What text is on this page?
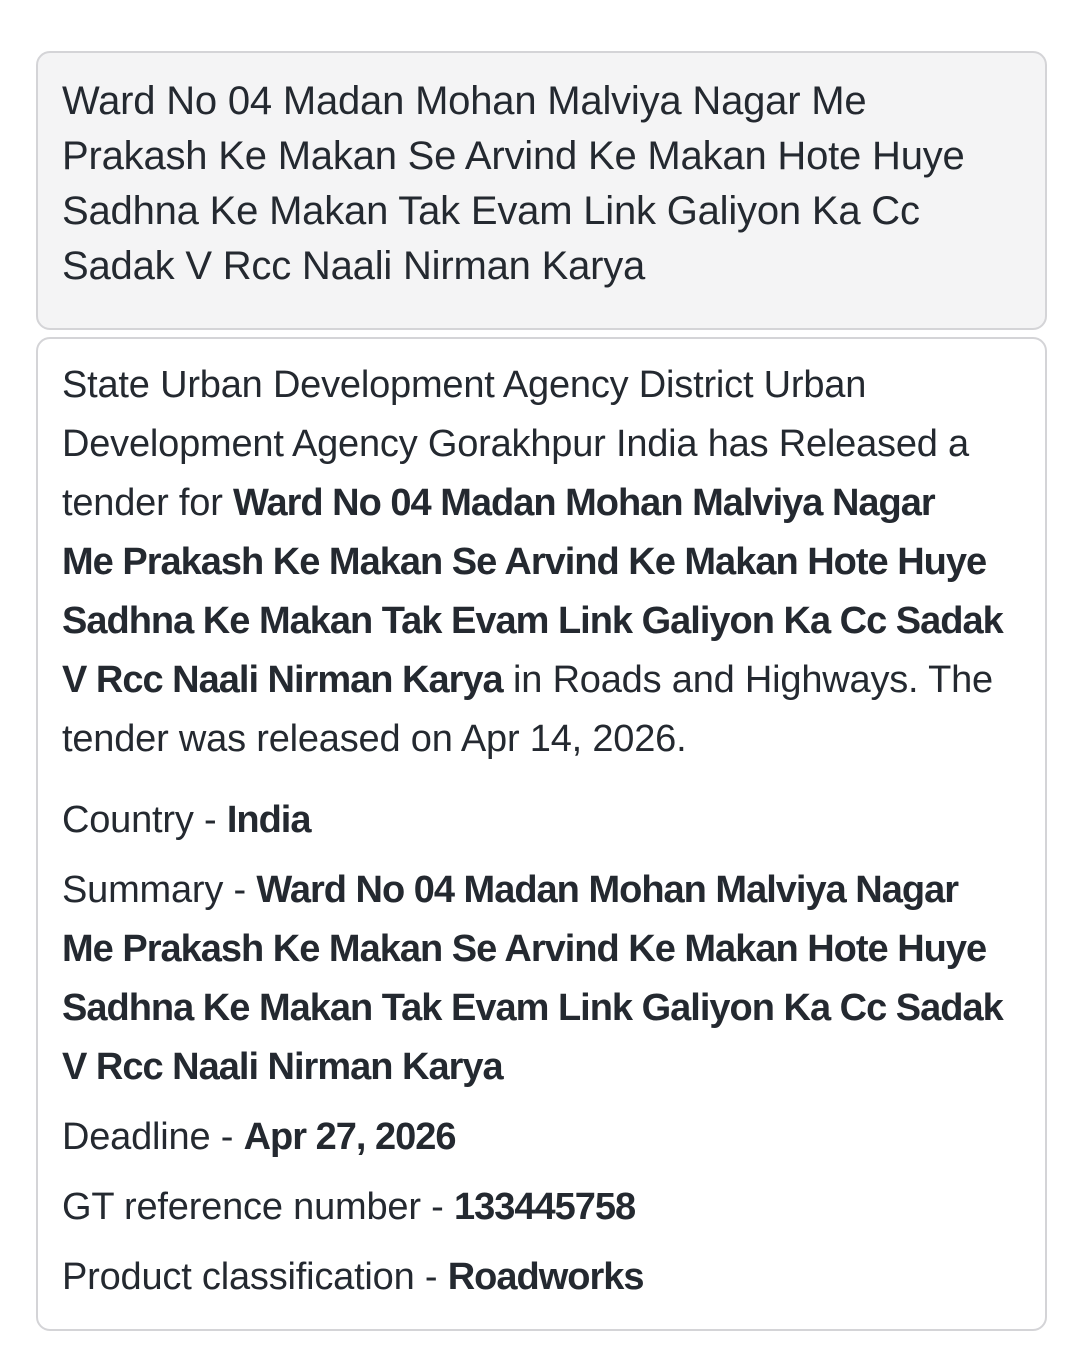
Ward No 04 Madan Mohan Malviya Nagar Me
Prakash Ke Makan Se Arvind Ke Makan Hote Huye
Sadhna Ke Makan Tak Evam Link Galiyon Ka Cc
Sadak V Rcc Naali Nirman Karya
State Urban Development Agency District Urban
Development Agency Gorakhpur India has Released a
tender for Ward No 04 Madan Mohan Malviya Nagar
Me Prakash Ke Makan Se Arvind Ke Makan Hote Huye
Sadhna Ke Makan Tak Evam Link Galiyon Ka Cc Sadak
V Rcc Naali Nirman Karya in Roads and Highways. The
tender was released on Apr 14, 2026.
Country - India
Summary - Ward No 04 Madan Mohan Malviya Nagar
Me Prakash Ke Makan Se Arvind Ke Makan Hote Huye
Sadhna Ke Makan Tak Evam Link Galiyon Ka Cc Sadak
V Rcc Naali Nirman Karya
Deadline - Apr 27, 2026
GT reference number - 133445758
Product classification - Roadworks
